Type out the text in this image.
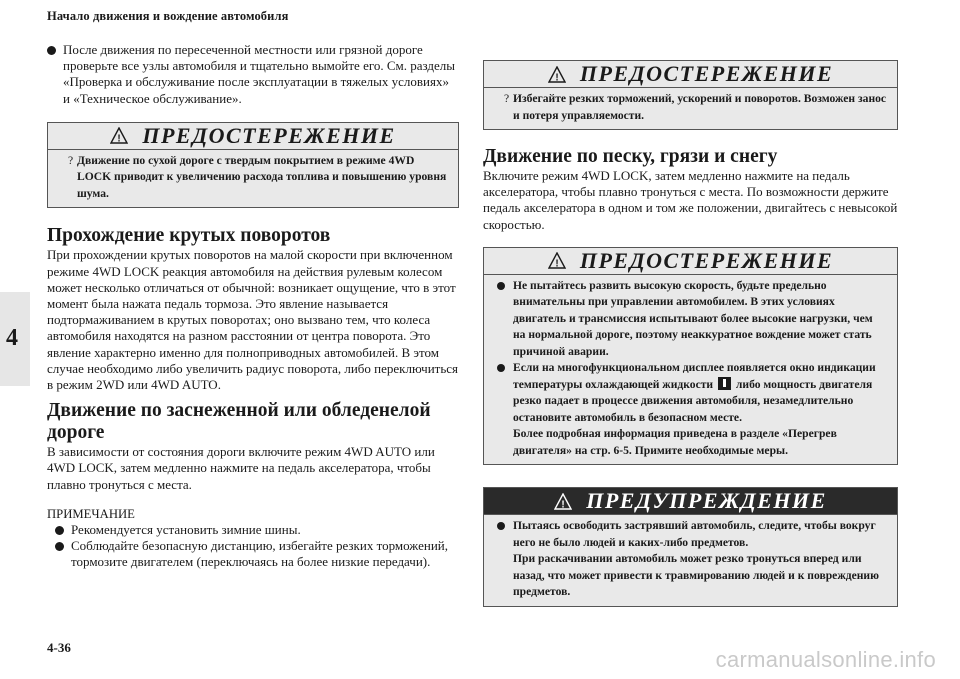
Начало движения и вождение автомобиля
4
После движения по пересеченной местности или грязной дороге проверьте все узлы автомобиля и тщательно вымойте его. См. разделы «Проверка и обслуживание после эксплуатации в тяжелых условиях» и «Техническое обслуживание».
! ПРЕДОСТЕРЕЖЕНИЕ
? Движение по сухой дороге с твердым покрытием в режиме 4WD LOCK приводит к увеличению расхода топлива и повышению уровня шума.
Прохождение крутых поворотов
При прохождении крутых поворотов на малой скорости при включенном режиме 4WD LOCK реакция автомобиля на действия рулевым колесом может несколько отличаться от обычной: возникает ощущение, что в этот момент была нажата педаль тормоза. Это явление называется подтормаживанием в крутых поворотах; оно вызвано тем, что колеса автомобиля находятся на разном расстоянии от центра поворота. Это явление характерно именно для полноприводных автомобилей. В этом случае необходимо либо увеличить радиус поворота, либо переключиться в режим 2WD или 4WD AUTO.
Движение по заснеженной или обледенелой дороге
В зависимости от состояния дороги включите режим 4WD AUTO или 4WD LOCK, затем медленно нажмите на педаль акселератора, чтобы плавно тронуться с места.
ПРИМЕЧАНИЕ
Рекомендуется установить зимние шины.
Соблюдайте безопасную дистанцию, избегайте резких торможений, тормозите двигателем (переключаясь на более низкие передачи).
! ПРЕДОСТЕРЕЖЕНИЕ
? Избегайте резких торможений, ускорений и поворотов. Возможен занос и потеря управляемости.
Движение по песку, грязи и снегу
Включите режим 4WD LOCK, затем медленно нажмите на педаль акселератора, чтобы плавно тронуться с места. По возможности держите педаль акселератора в одном и том же положении, двигайтесь с невысокой скоростью.
! ПРЕДОСТЕРЕЖЕНИЕ
Не пытайтесь развить высокую скорость, будьте предельно внимательны при управлении автомобилем. В этих условиях двигатель и трансмиссия испытывают более высокие нагрузки, чем на нормальной дороге, поэтому неаккуратное вождение может стать причиной аварии.
Если на многофункциональном дисплее появляется окно индикации температуры охлаждающей жидкости либо мощность двигателя резко падает в процессе движения автомобиля, незамедлительно остановите автомобиль в безопасном месте.
Более подробная информация приведена в разделе «Перегрев двигателя» на стр. 6-5. Примите необходимые меры.
! ПРЕДУПРЕЖДЕНИЕ
Пытаясь освободить застрявший автомобиль, следите, чтобы вокруг него не было людей и каких-либо предметов.
При раскачивании автомобиль может резко тронуться вперед или назад, что может привести к травмированию людей и к повреждению предметов.
4-36	carmanualsonline.info
